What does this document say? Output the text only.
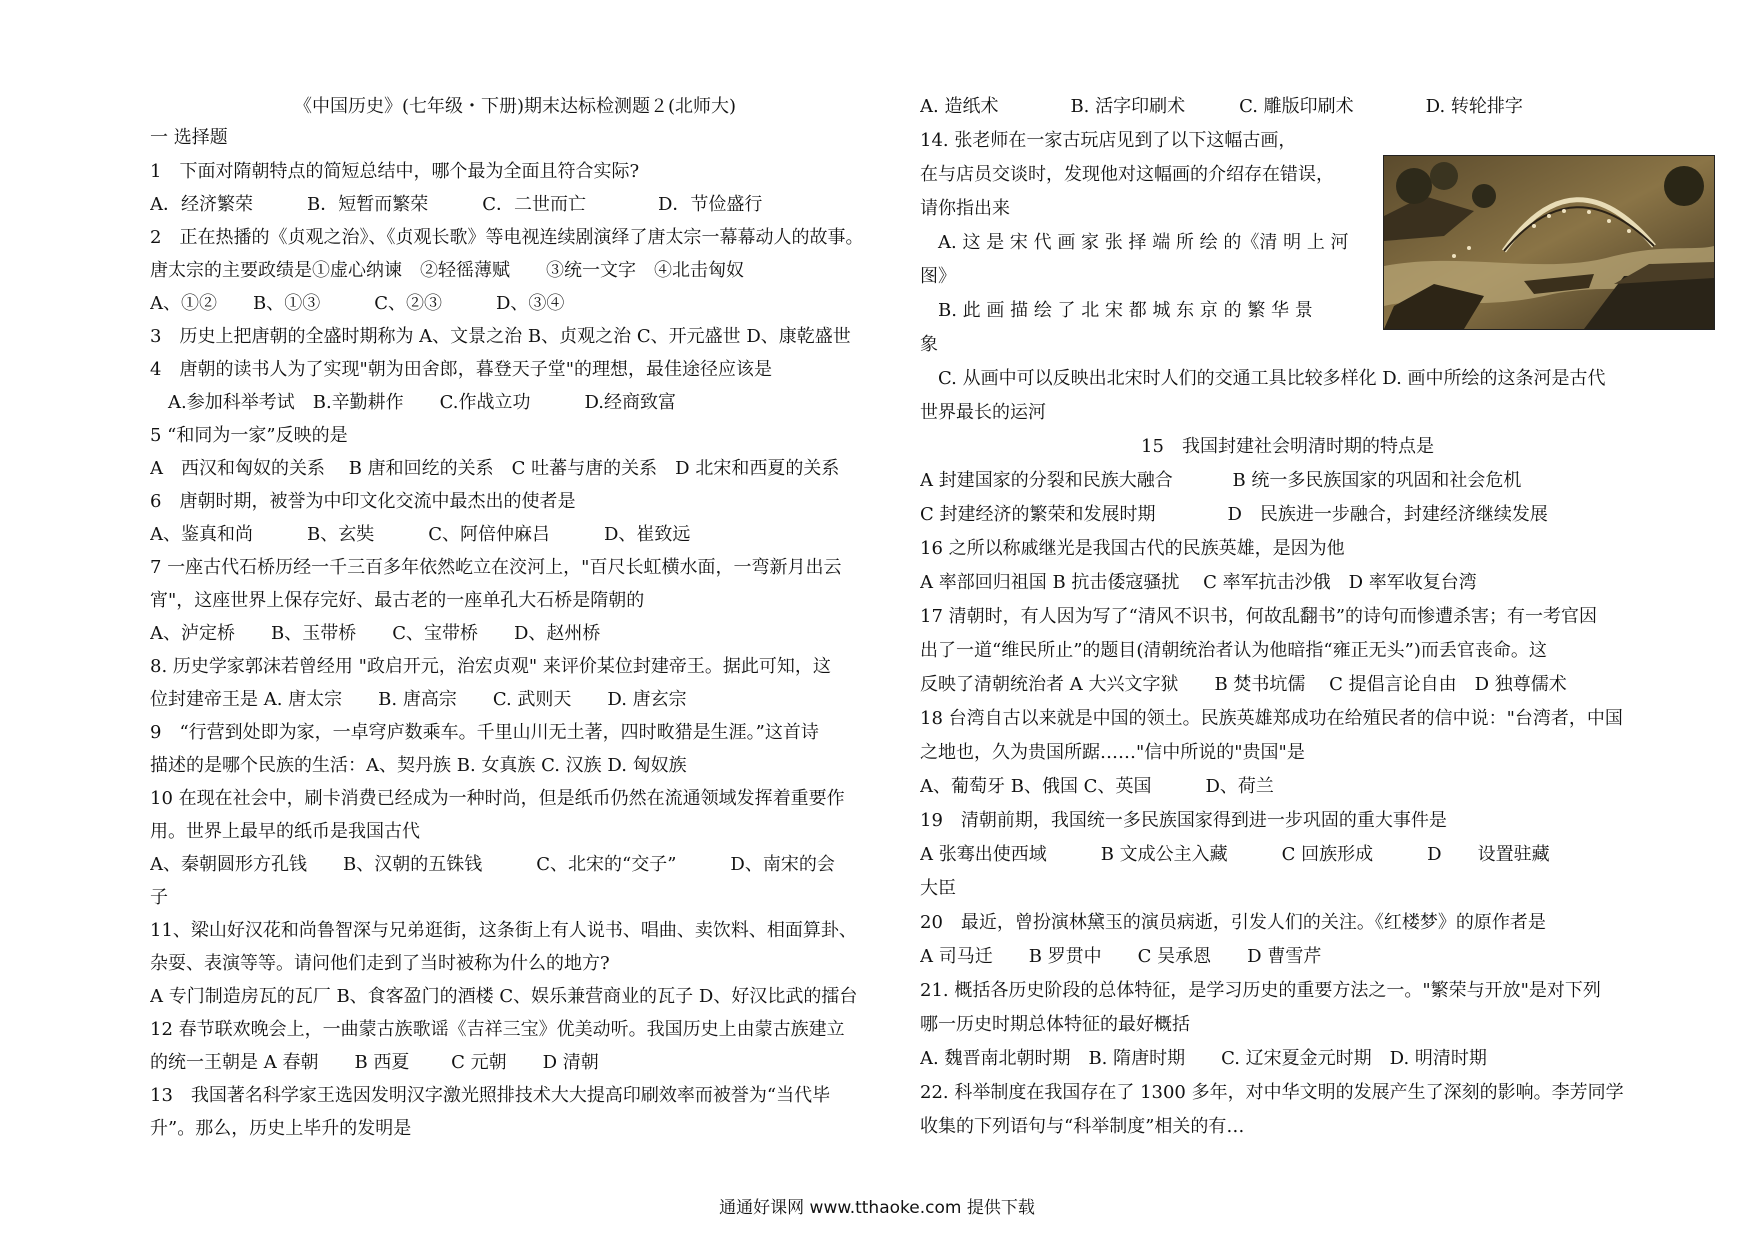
《中国历史》(七年级・下册)期末达标检测题２(北师大)
一 选择题
1　下面对隋朝特点的简短总结中，哪个最为全面且符合实际?
A．经济繁荣　　　B．短暂而繁荣　　　C．二世而亡　　　　D．节俭盛行
2　正在热播的《贞观之治》、《贞观长歌》等电视连续剧演绎了唐太宗一幕幕动人的故事。
唐太宗的主要政绩是①虚心纳谏　②轻徭薄赋　　③统一文字　④北击匈奴
A、①②　　B、①③　　　C、②③　　　D、③④
3　历史上把唐朝的全盛时期称为 A、文景之治 B、贞观之治 C、开元盛世 D、康乾盛世
4　唐朝的读书人为了实现"朝为田舍郎，暮登天子堂"的理想，最佳途径应该是
　A.参加科举考试　B.辛勤耕作　　C.作战立功　　　D.经商致富
5 “和同为一家”反映的是
A　西汉和匈奴的关系　 B 唐和回纥的关系　C 吐蕃与唐的关系　D 北宋和西夏的关系
6　唐朝时期，被誉为中印文化交流中最杰出的使者是
A、鉴真和尚　　　B、玄奘　　　C、阿倍仲麻吕　　　D、崔致远
7 一座古代石桥历经一千三百多年依然屹立在洨河上，"百尺长虹横水面，一弯新月出云
宵"，这座世界上保存完好、最古老的一座单孔大石桥是隋朝的
A、泸定桥　　B、玉带桥　　C、宝带桥　　D、赵州桥
8. 历史学家郭沫若曾经用 "政启开元，治宏贞观" 来评价某位封建帝王。据此可知，这
位封建帝王是 A. 唐太宗　　B. 唐高宗　　C. 武则天　　D. 唐玄宗
9　“行营到处即为家，一卓穹庐数乘车。千里山川无土著，四时畋猎是生涯。”这首诗
描述的是哪个民族的生活：A、契丹族 B. 女真族 C. 汉族 D. 匈奴族
10 在现在社会中，刷卡消费已经成为一种时尚，但是纸币仍然在流通领域发挥着重要作
用。世界上最早的纸币是我国古代
A、秦朝圆形方孔钱　　B、汉朝的五铢钱　　　C、北宋的“交子”　　　D、南宋的会
子
11、梁山好汉花和尚鲁智深与兄弟逛街，这条街上有人说书、唱曲、卖饮料、相面算卦、
杂耍、表演等等。请问他们走到了当时被称为什么的地方?
A 专门制造房瓦的瓦厂 B、食客盈门的酒楼 C、娱乐兼营商业的瓦子 D、好汉比武的擂台
12 春节联欢晚会上，一曲蒙古族歌谣《吉祥三宝》优美动听。我国历史上由蒙古族建立
的统一王朝是 A 春朝　　B 西夏　　 C 元朝　　D 清朝
13　我国著名科学家王选因发明汉字激光照排技术大大提高印刷效率而被誉为“当代毕
升”。那么，历史上毕升的发明是
A. 造纸术　　　　B. 活字印刷术　　　C. 雕版印刷术　　　　D. 转轮排字
14. 张老师在一家古玩店见到了以下这幅古画，
在与店员交谈时，发现他对这幅画的介绍存在错误，
请你指出来
　A. 这 是 宋 代 画 家 张 择 端 所 绘 的《清 明 上 河
图》
　B. 此 画 描 绘 了 北 宋 都 城 东 京 的 繁 华 景
象
　C. 从画中可以反映出北宋时人们的交通工具比较多样化 D. 画中所绘的这条河是古代
世界最长的运河
15　我国封建社会明清时期的特点是
A 封建国家的分裂和民族大融合　　　 B 统一多民族国家的巩固和社会危机
C 封建经济的繁荣和发展时期　　　　D　民族进一步融合，封建经济继续发展
16 之所以称戚继光是我国古代的民族英雄，是因为他
A 率部回归祖国 B 抗击倭寇骚扰　 C 率军抗击沙俄　D 率军收复台湾
17 清朝时，有人因为写了“清风不识书，何故乱翻书”的诗句而惨遭杀害；有一考官因
出了一道“维民所止”的题目(清朝统治者认为他暗指“雍正无头”)而丢官丧命。这
反映了清朝统治者 A 大兴文字狱　　B 焚书坑儒　 C 提倡言论自由　D 独尊儒术
18 台湾自古以来就是中国的领土。民族英雄郑成功在给殖民者的信中说："台湾者，中国
之地也，久为贵国所踞……"信中所说的"贵国"是
A、葡萄牙 B、俄国 C、英国　　　D、荷兰
19　清朝前期，我国统一多民族国家得到进一步巩固的重大事件是
A 张骞出使西域　　　B 文成公主入藏　　　C 回族形成　　　D　　设置驻藏
大臣
20　最近，曾扮演林黛玉的演员病逝，引发人们的关注。《红楼梦》的原作者是
A 司马迁　　B 罗贯中　　C 吴承恩　　D 曹雪芹
21. 概括各历史阶段的总体特征，是学习历史的重要方法之一。"繁荣与开放"是对下列
哪一历史时期总体特征的最好概括
A. 魏晋南北朝时期　B. 隋唐时期　　C. 辽宋夏金元时期　D. 明清时期
22. 科举制度在我国存在了 1300 多年，对中华文明的发展产生了深刻的影响。李芳同学
收集的下列语句与“科举制度”相关的有…
通通好课网 www.tthaoke.com 提供下载
